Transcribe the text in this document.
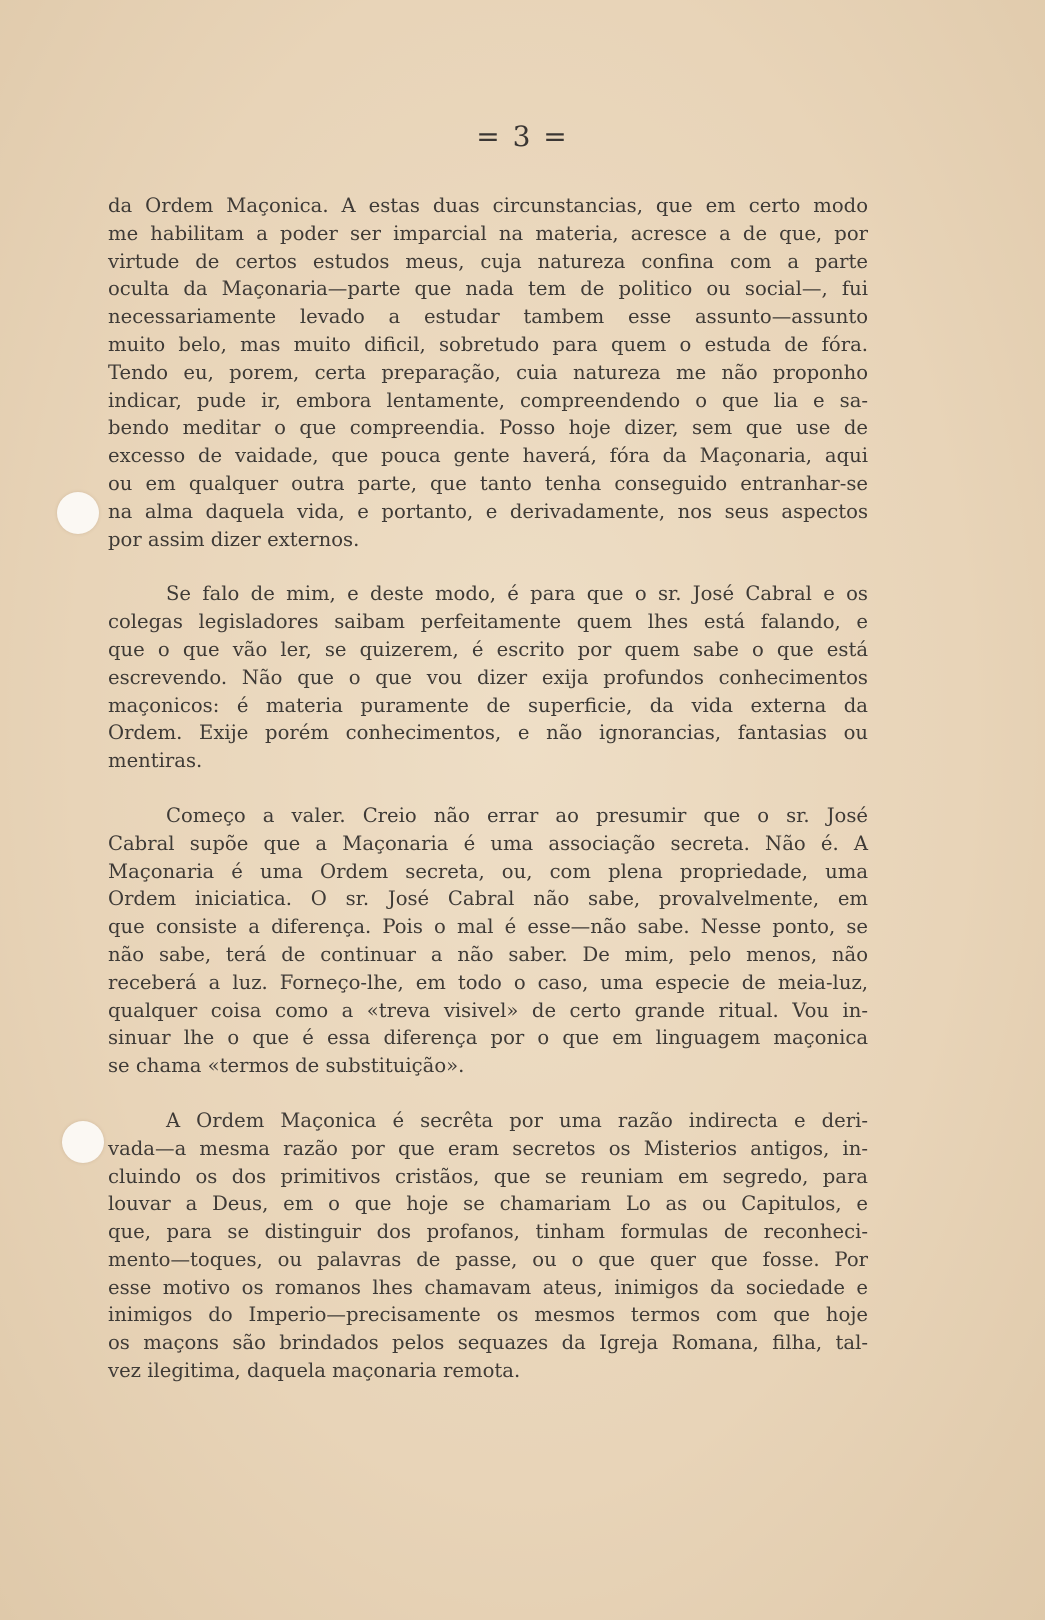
= 3 =
da Ordem Maçonica. A estas duas circunstancias, que em certo modo
me habilitam a poder ser imparcial na materia, acresce a de que, por
virtude de certos estudos meus, cuja natureza confina com a parte
oculta da Maçonaria—parte que nada tem de politico ou social—, fui
necessariamente levado a estudar tambem esse assunto—assunto
muito belo, mas muito dificil, sobretudo para quem o estuda de fóra.
Tendo eu, porem, certa preparação, cuia natureza me não proponho
indicar, pude ir, embora lentamente, compreendendo o que lia e sa-
bendo meditar o que compreendia. Posso hoje dizer, sem que use de
excesso de vaidade, que pouca gente haverá, fóra da Maçonaria, aqui
ou em qualquer outra parte, que tanto tenha conseguido entranhar-se
na alma daquela vida, e portanto, e derivadamente, nos seus aspectos
por assim dizer externos.
Se falo de mim, e deste modo, é para que o sr. José Cabral e os
colegas legisladores saibam perfeitamente quem lhes está falando, e
que o que vão ler, se quizerem, é escrito por quem sabe o que está
escrevendo. Não que o que vou dizer exija profundos conhecimentos
maçonicos: é materia puramente de superficie, da vida externa da
Ordem. Exije porém conhecimentos, e não ignorancias, fantasias ou
mentiras.
Começo a valer. Creio não errar ao presumir que o sr. José
Cabral supõe que a Maçonaria é uma associação secreta. Não é. A
Maçonaria é uma Ordem secreta, ou, com plena propriedade, uma
Ordem iniciatica. O sr. José Cabral não sabe, provalvelmente, em
que consiste a diferença. Pois o mal é esse—não sabe. Nesse ponto, se
não sabe, terá de continuar a não saber. De mim, pelo menos, não
receberá a luz. Forneço-lhe, em todo o caso, uma especie de meia-luz,
qualquer coisa como a «treva visivel» de certo grande ritual. Vou in-
sinuar lhe o que é essa diferença por o que em linguagem maçonica
se chama «termos de substituição».
A Ordem Maçonica é secrêta por uma razão indirecta e deri-
vada—a mesma razão por que eram secretos os Misterios antigos, in-
cluindo os dos primitivos cristãos, que se reuniam em segredo, para
louvar a Deus, em o que hoje se chamariam Lo as ou Capitulos, e
que, para se distinguir dos profanos, tinham formulas de reconheci-
mento—toques, ou palavras de passe, ou o que quer que fosse. Por
esse motivo os romanos lhes chamavam ateus, inimigos da sociedade e
inimigos do Imperio—precisamente os mesmos termos com que hoje
os maçons são brindados pelos sequazes da Igreja Romana, filha, tal-
vez ilegitima, daquela maçonaria remota.
